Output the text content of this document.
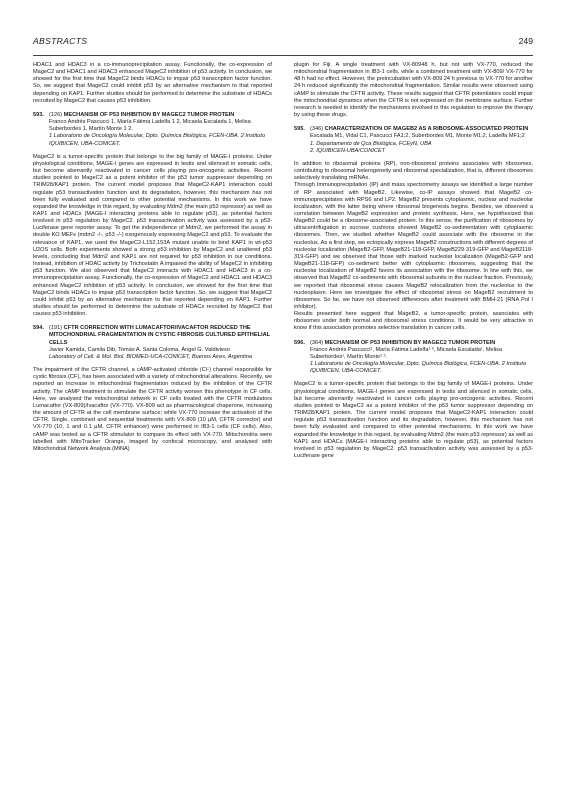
ABSTRACTS	249

HDAC1 and HDAC3 in a co-immunoprecipitation assay. Functionally, the co-expression of MageC2 and HDAC1 and HDAC3 enhanced MageC2 inhibition of p53 activity. In conclusion, we showed for the first time that MageC2 binds HDACs to impair p53 transcription factor function. So, we suggest that MageC2 could inhibit p53 by an alternative mechanism to that reported depending on KAP1. Further studies should be performed to determine the substrate of HDACs recruited by MageC2 that causes p53 inhibition.

593. (126) MECHANISM OF P53 INHIBITION BY MAGEC2 TUMOR PROTEIN

Franco Andrés Pascucci 1, María Fátima Ladelfa 1 2, Micaela Escalada 1, Melisa Suberbordes 1, Martín Monte 1 2.

1 Laboratorio de Oncología Molecular, Dpto. Química Biológica, FCEN-UBA. 2 Instituto IQUIBICEN, UBA-CONICET.

MageC2 is a tumor-specific protein that belongs to the big family of MAGE-I proteins. Under physiological conditions, MAGE-I genes are expressed in testis and silenced in somatic cells, but become aberrantly reactivated in cancer cells playing pro-oncogenic activities. Recent studies pointed to MageC2 as a potent inhibitor of the p53 tumor suppressor depending on TRIM28/KAP1 protein. The current model proposes that MageC2-KAP1 interaction could regulate p53 transactivation function and its degradation, however, this mechanism has not been fully evaluated and compared to other potential mechanisms. In this work we have expanded the knowledge in this regard, by evaluating Mdm2 (the main p53 repressor) as well as KAP1 and HDACs (MAGE-I interacting proteins able to regulate p53), as potential factors involved in p53 regulation by MageC2. p53 transactivation activity was assessed by a p53-Luciferase gene reporter assay. To get the independence of Mdm2, we performed the assay in double KO MEFs (mdm2 -/-, p53 -/-) exogenously expressing MageC2 and p53. To evaluate the relevance of KAP1, we used the MageC2-L152,153A mutant unable to bind KAP1 in wt-p53 U2OS cells. Both experiments showed a strong p53 inhibition by MageC2 and unaltered p53 levels, concluding that Mdm2 and KAP1 are not required for p53 inhibition in our conditions. Instead, inhibition of HDAC activity by Trichostatin A impaired the ability of MageC2 in inhibiting p53 function. We also observed that MageC2 interacts with HDAC1 and HDAC3 in a co-immunoprecipitation assay. Functionally, the co-expression of MageC2 and HDAC1 and HDAC3 enhanced MageC2 inhibition of p53 activity. In conclusion, we showed for the first time that MageC2 binds HDACs to impair p53 transcription factor function. So, we suggest that MageC2 could inhibit p53 by an alternative mechanism to that reported depending on KAP1. Further studies should be performed to determine the substrate of HDACs recruited by MageC2 that causes p53 inhibition.

594. (191) CFTR CORRECTION WITH LUMACAFTOR/IVACAFTOR REDUCED THE MITOCHONDRIAL FRAGMENTATION IN CYSTIC FIBROSIS CULTURED EPITHELIAL CELLS

Javier Kamida, Camila Dib, Tomás A. Santa Coloma, Ángel G. Valdivieso

Laboratory of Cell. & Mol. Biol. BIOMED-UCA-CONICET, Buenos Aires, Argentina

The impairment of the CFTR channel, a cAMP-activated chloride (Cl-) channel responsible for cystic fibrosis (CF), has been associated with a variety of mitochondrial alterations. Recently, we reported an increase in mitochondrial fragmentation induced by the inhibition of the CFTR activity. The cAMP treatment to stimulate the CFTR activity worsen this phenotype in CF cells. Here, we analysed the mitochondrial network in CF cells treated with the CFTR modulators Lumacaftor (VX-809)/Ivacaftor (VX-770). VX-809 act as pharmacological chaperone, increasing the amount of CFTR at the cell membrane surface; while VX-770 increase the activation of the CFTR. Single, combined and sequential treatments with VX-809 (10 µM, CFTR corrector) and VX-770 (10, 1 and 0.1 µM, CFTR enhancer) were performed in IB3-1 cells (CF cells). Also, cAMP was tested as a CFTR stimulator to compare its effect with VX-770. Mitochondria were labelled with MitoTracker Orange, imaged by confocal microscopy, and analysed with Mitochondrial Network Analysis (MiNA)

plugin for Fiji. A single treatment with VX-80948 h, but not with VX-770, reduced the mitochondrial fragmentation in IB3-1 cells, while a combined treatment with VX-809/ VX-770 for 48 h had no effect. However, the preincubation with VX-809 24 h previous to VX-770 for another 24 h reduced significantly the mitochondrial fragmentation. Similar results were observed using cAMP to stimulate the CFTR activity. These results suggest that CFTR potentiators could impair the mitochondrial dynamics when the CFTR is not expressed on the membrane surface. Further research is needed to identify the mechanisms involved in this regulation to improve the therapy by using these drugs.

595. (346) CHARACTERIZATION OF MAGEB2 AS A RIBOSOME-ASSOCIATED PROTEIN

Escalada M1, Vidal C1, Pascucci FA1;2, Suberbordes M1, Monte M1;2, Ladelfa MF1;2

1. Departamento de Qca Biológica, FCEyN, UBA

2. IQUIBICEN-UBA/CONICET

In addition to ribosomal proteins (RP), non-ribosomal proteins associates with ribosomes, contributing to ribosomal heterogeneity and ribosomal specialization, that is, different ribosomes selectively translating mRNAs.

Through Immunoprecipitation (IP) and mass spectrometry assays we identified a large number of RP associated with MageB2. Likewise, co-IP assays showed that MageB2 co-immunoprecipitates with RPS6 and LP2. MageB2 presents cytoplasmic, nuclear and nucleolar localization, with the latter being where ribosomal biogenesis begins. Besides, we observed a correlation between MageB2 expression and protein synthesis. Here, we hypothesized that MageB2 could be a ribosome-associated protein. In this sense, the purification of ribosomes by ultracentrifugation in sucrose cushions showed MageB2 co-sedimentation with cytoplasmic ribosomes. Then, we studied whether MageB2 could associate with the ribosome in the nucleolus. As a first step, we ectopically express MageB2 constructions with different degrees of nucleolar localization (MageB2-GFP, MageB21-118-GFP, MageB229-319-GFP and MageB2118-319-GFP) and we observed that those with marked nucleolar localization (MageB2-GFP and MageB21-118-GFP) co-sediment better with cytoplasmic ribosomes, suggesting that the nucleolar localization of MageB2 favors its association with the ribosome. In line with this, we observed that MageB2 co-sediments with ribosomal subunits in the nuclear fraction. Previously, we reported that ribosomal stress causes MageB2 relocalization from the nucleolus to the nucleoplasm. Here we investigate the effect of ribosomal stress on MageB2 recruitment to ribosomes. So far, we have not observed differences after treatment with BMH-21 (RNA Pol I inhibitor).

Results presented here suggest that MageB2, a tumor-specific protein, associates with ribosomes under both normal and ribosomal stress conditions. It would be very attractive to know if this association promotes selective translation in cancer cells.

596. (364) MECHANISM OF P53 INHIBITION BY MAGEC2 TUMOR PROTEIN

Franco Andrés Pascucci¹, María Fátima Ladelfa¹ ², Micaela Escalada¹, Melisa Suberbordes¹, Martín Monte¹ ².

1 Laboratorio de Oncología Molecular, Dpto. Química Biológica, FCEN-UBA. 2 Instituto IQUIBICEN, UBA-CONICET.

MageC2 is a tumor-specific protein that belongs to the big family of MAGE-I proteins. Under physiological conditions, MAGE-I genes are expressed in testis and silenced in somatic cells, but become aberrantly reactivated in cancer cells playing pro-oncogenic activities. Recent studies pointed to MageC2 as a potent inhibitor of the p53 tumor suppressor depending on TRIM28/KAP1 protein. The current model proposes that MageC2-KAP1 interaction could regulate p53 transactivation function and its degradation, however, this mechanism has not been fully evaluated and compared to other potential mechanisms. In this work we have expanded the knowledge in this regard, by evaluating Mdm2 (the main p53 repressor) as well as KAP1 and HDACs (MAGE-I interacting proteins able to regulate p53), as potential factors involved in p53 regulation by MageC2. p53 transactivation activity was assessed by a p53-Luciferase gene
